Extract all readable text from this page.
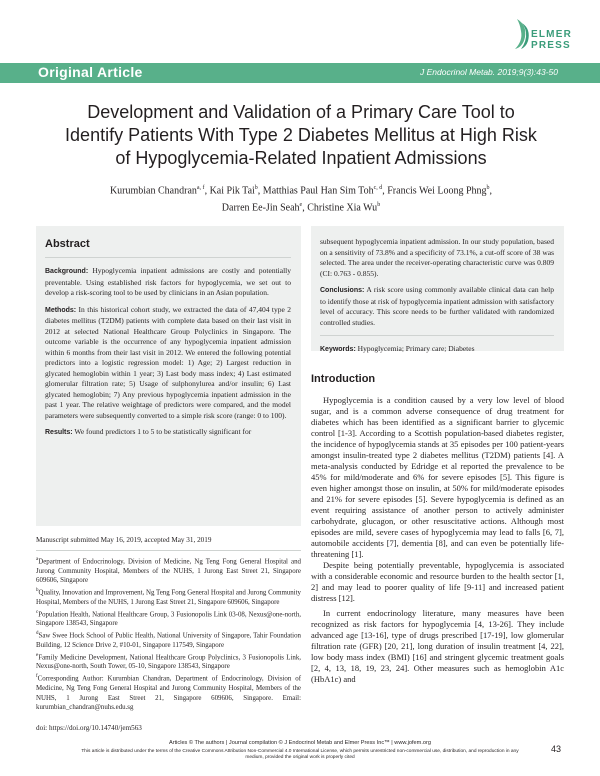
ELMER
PRESS
Original Article	J Endocrinol Metab. 2019;9(3):43-50
Development and Validation of a Primary Care Tool to Identify Patients With Type 2 Diabetes Mellitus at High Risk of Hypoglycemia-Related Inpatient Admissions
Kurumbian Chandran$^{a, f}$, Kai Pik Tai$^b$, Matthias Paul Han Sim Toh$^{c, d}$, Francis Wei Loong Phng$^b$,
Darren Ee-Jin Seah$^e$, Christine Xia Wu$^b$
Abstract

Background: Hypoglycemia inpatient admissions are costly and potentially preventable. Using established risk factors for hypoglycemia, we set out to develop a risk-scoring tool to be used by clinicians in an Asian population.

Methods: In this historical cohort study, we extracted the data of 47,404 type 2 diabetes mellitus (T2DM) patients with complete data based on their last visit in 2012 at selected National Healthcare Group Polyclinics in Singapore. The outcome variable is the occurrence of any hypoglycemia inpatient admission within 6 months from their last visit in 2012. We entered the following potential predictors into a logistic regression model: 1) Age; 2) Largest reduction in glycated hemoglobin within 1 year; 3) Last body mass index; 4) Last estimated glomerular filtration rate; 5) Usage of sulphonylurea and/or insulin; 6) Last glycated hemoglobin; 7) Any previous hypoglycemia inpatient admission in the past 1 year. The relative weightage of predictors were compared, and the model parameters were subsequently converted to a simple risk score (range: 0 to 100).

Results: We found predictors 1 to 5 to be statistically significant for

Manuscript submitted May 16, 2019, accepted May 31, 2019
$^a$Department of Endocrinology, Division of Medicine, Ng Teng Fong General Hospital and Jurong Community Hospital, Members of the NUHS, 1 Jurong East Street 21, Singapore 609606, Singapore
$^b$Quality, Innovation and Improvement, Ng Teng Fong General Hospital and Jurong Community Hospital, Members of the NUHS, 1 Jurong East Street 21, Singapore 609606, Singapore
$^c$Population Health, National Healthcare Group, 3 Fusionopolis Link 03-08, Nexus@one-north, Singapore 138543, Singapore
$^d$Saw Swee Hock School of Public Health, National University of Singapore, Tahir Foundation Building, 12 Science Drive 2, #10-01, Singapore 117549, Singapore
$^e$Family Medicine Development, National Healthcare Group Polyclinics, 3 Fusionopolis Link, Nexus@one-north, South Tower, 05-10, Singapore 138543, Singapore
$^f$Corresponding Author: Kurumbian Chandran, Department of Endocrinology, Division of Medicine, Ng Teng Fong General Hospital and Jurong Community Hospital, Members of the NUHS, 1 Jurong East Street 21, Singapore 609606, Singapore. Email: kurumbian_chandran@nuhs.edu.sg
doi: https://doi.org/10.14740/jem563

subsequent hypoglycemia inpatient admission. In our study population, based on a sensitivity of 73.8% and a specificity of 73.1%, a cut-off score of 38 was selected. The area under the receiver-operating characteristic curve was 0.809 (CI: 0.763 - 0.855).

Conclusions: A risk score using commonly available clinical data can help to identify those at risk of hypoglycemia inpatient admission with satisfactory level of accuracy. This score needs to be further validated with randomized controlled studies.

Keywords: Hypoglycemia; Primary care; Diabetes

Introduction

Hypoglycemia is a condition caused by a very low level of blood sugar, and is a common adverse consequence of drug treatment for diabetes which has been identified as a significant barrier to glycemic control [1-3]. According to a Scottish population-based diabetes register, the incidence of hypoglycemia stands at 35 episodes per 100 patient-years amongst insulin-treated type 2 diabetes mellitus (T2DM) patients [4]. A meta-analysis conducted by Edridge et al reported the prevalence to be 45% for mild/moderate and 6% for severe episodes [5]. This figure is even higher amongst those on insulin, at 50% for mild/moderate episodes and 21% for severe episodes [5]. Severe hypoglycemia is defined as an event requiring assistance of another person to actively administer carbohydrate, glucagon, or other resuscitative actions. Although most episodes are mild, severe cases of hypoglycemia may lead to falls [6, 7], automobile accidents [7], dementia [8], and can even be potentially life-threatening [1].

Despite being potentially preventable, hypoglycemia is associated with a considerable economic and resource burden to the health sector [1, 2] and may lead to poorer quality of life [9-11] and increased patient distress [12].

In current endocrinology literature, many measures have been recognized as risk factors for hypoglycemia [4, 13-26]. They include advanced age [13-16], type of drugs prescribed [17-19], low glomerular filtration rate (GFR) [20, 21], long duration of insulin treatment [4, 22], low body mass index (BMI) [16] and stringent glycemic treatment goals [2, 4, 13, 18, 19, 23, 24]. Other measures such as hemoglobin A1c (HbA1c) and

Articles © The authors | Journal compilation © J Endocrinol Metab and Elmer Press Inc™ | www.jofem.org
This article is distributed under the terms of the Creative Commons Attribution Non-Commercial 4.0 International License, which permits unrestricted non-commercial use, distribution, and reproduction in any medium, provided the original work is properly cited
43
